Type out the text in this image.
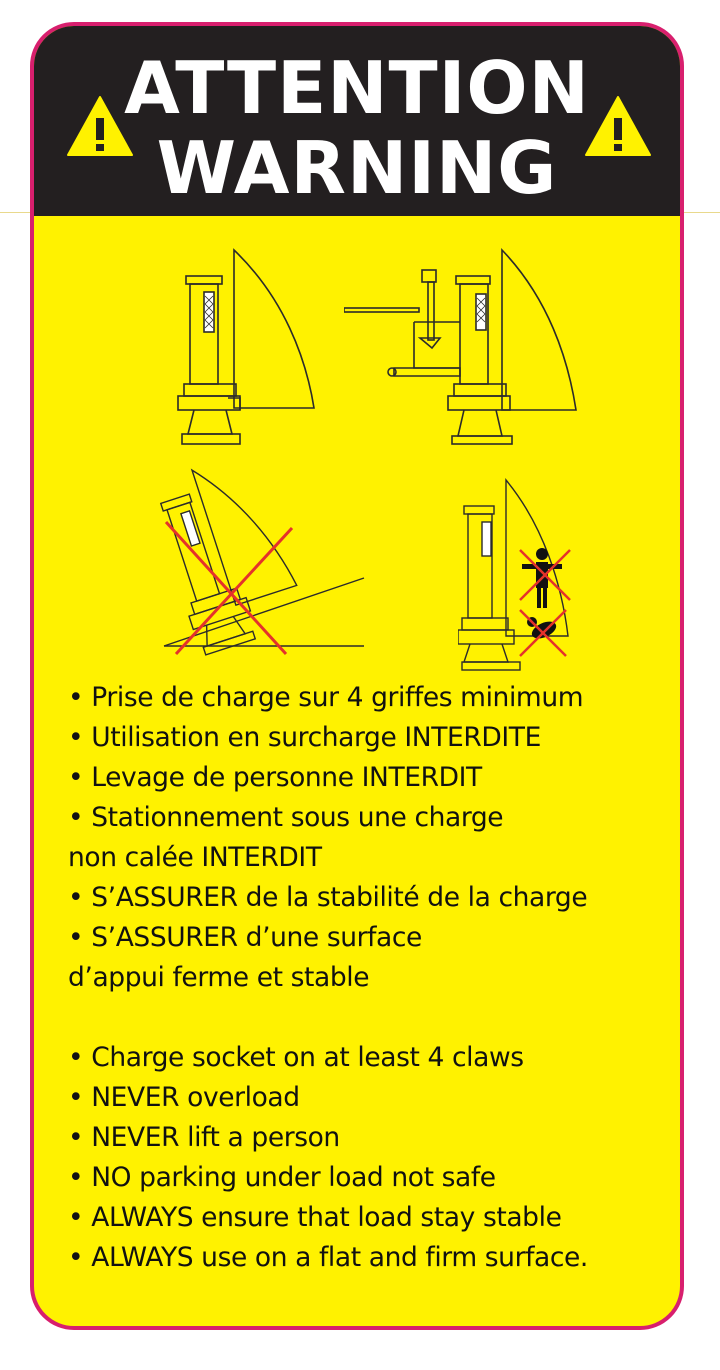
ATTENTION
WARNING

• Prise de charge sur 4 griffes minimum

• Utilisation en surcharge INTERDITE

• Levage de personne INTERDIT

• Stationnement sous une charge

non calée INTERDIT

• S’ASSURER de la stabilité de la charge

• S’ASSURER d’une surface

d’appui ferme et stable

• Charge socket on at least 4 claws

• NEVER overload

• NEVER lift a person

• NO parking under load not safe

• ALWAYS ensure that load stay stable

• ALWAYS use on a flat and firm surface.
